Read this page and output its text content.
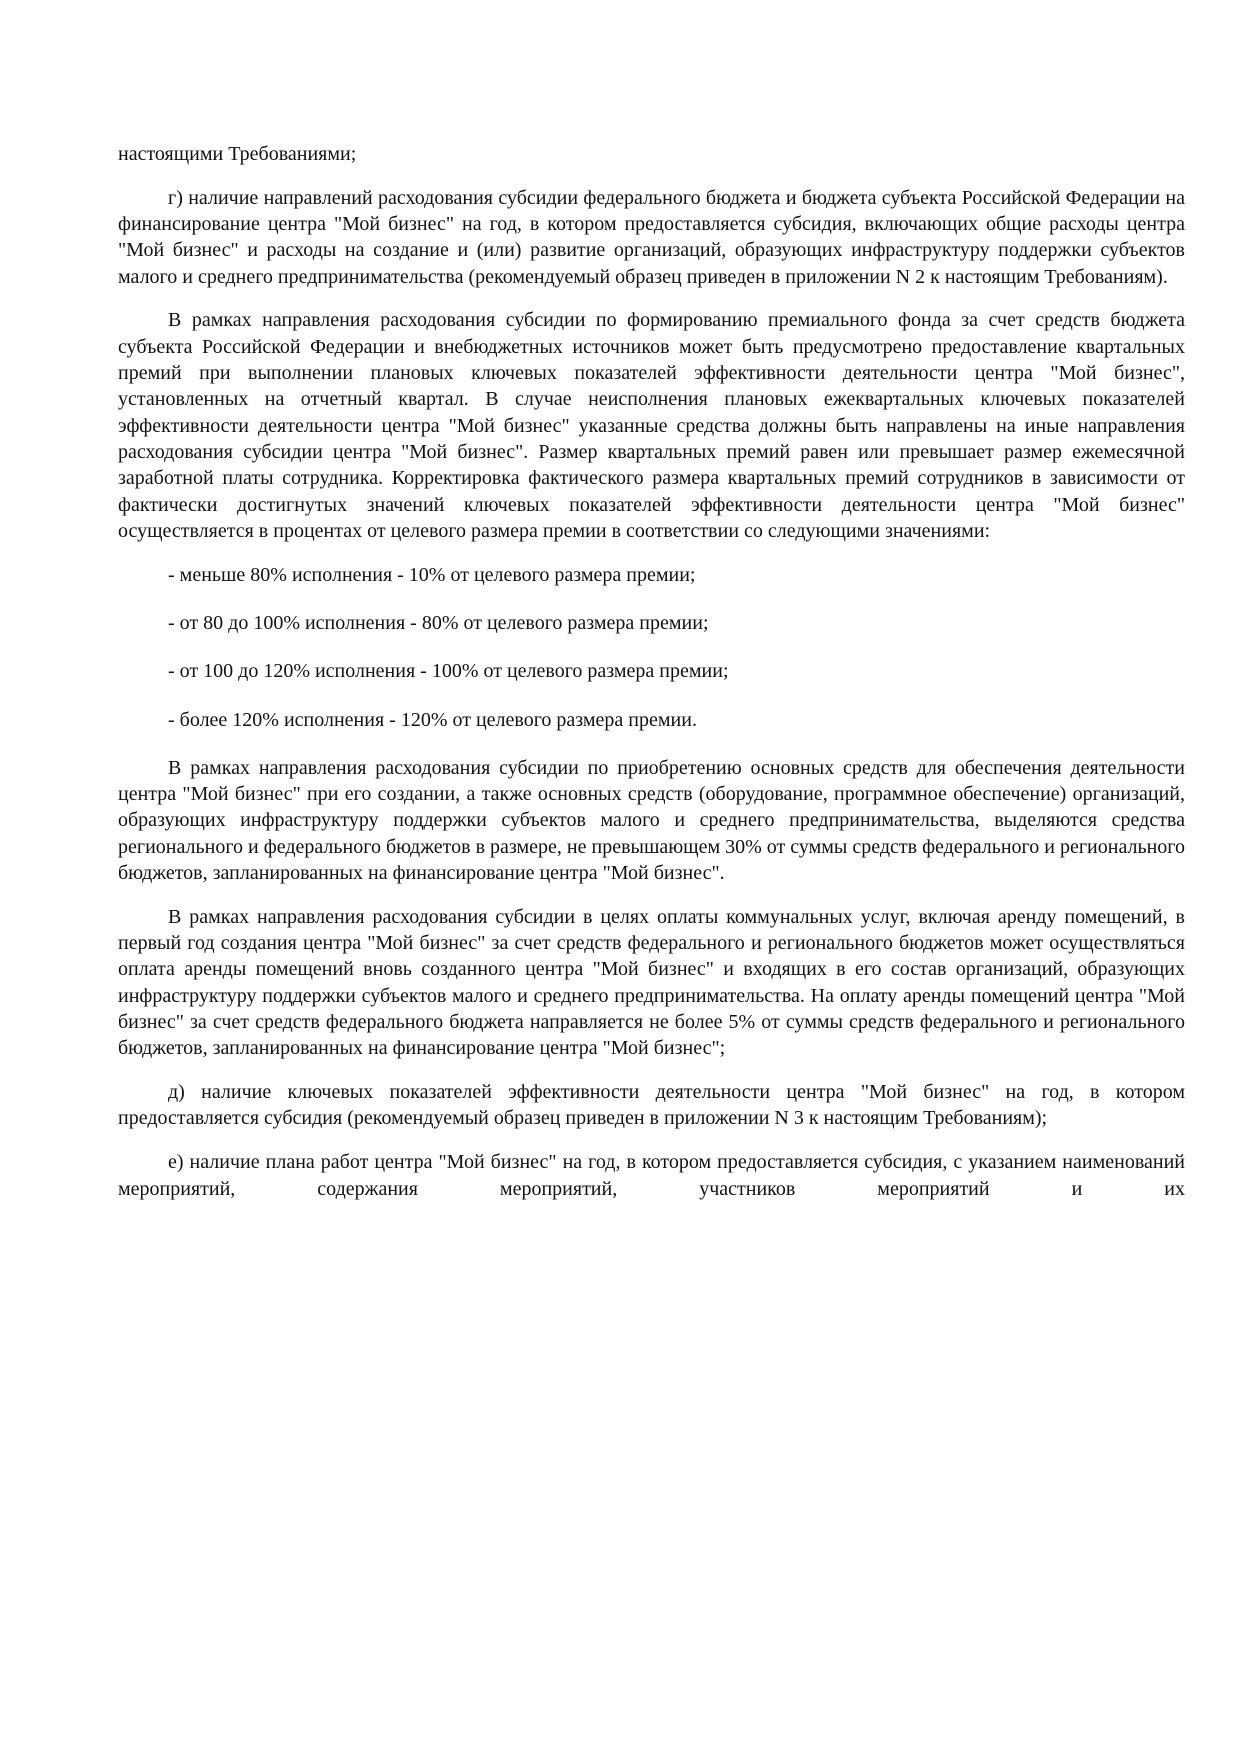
настоящими Требованиями;

г) наличие направлений расходования субсидии федерального бюджета и бюджета субъекта Российской Федерации на финансирование центра "Мой бизнес" на год, в котором предоставляется субсидия, включающих общие расходы центра "Мой бизнес" и расходы на создание и (или) развитие организаций, образующих инфраструктуру поддержки субъектов малого и среднего предпринимательства (рекомендуемый образец приведен в приложении N 2 к настоящим Требованиям).

В рамках направления расходования субсидии по формированию премиального фонда за счет средств бюджета субъекта Российской Федерации и внебюджетных источников может быть предусмотрено предоставление квартальных премий при выполнении плановых ключевых показателей эффективности деятельности центра "Мой бизнес", установленных на отчетный квартал. В случае неисполнения плановых ежеквартальных ключевых показателей эффективности деятельности центра "Мой бизнес" указанные средства должны быть направлены на иные направления расходования субсидии центра "Мой бизнес". Размер квартальных премий равен или превышает размер ежемесячной заработной платы сотрудника. Корректировка фактического размера квартальных премий сотрудников в зависимости от фактически достигнутых значений ключевых показателей эффективности деятельности центра "Мой бизнес" осуществляется в процентах от целевого размера премии в соответствии со следующими значениями:

- меньше 80% исполнения - 10% от целевого размера премии;

- от 80 до 100% исполнения - 80% от целевого размера премии;

- от 100 до 120% исполнения - 100% от целевого размера премии;

- более 120% исполнения - 120% от целевого размера премии.

В рамках направления расходования субсидии по приобретению основных средств для обеспечения деятельности центра "Мой бизнес" при его создании, а также основных средств (оборудование, программное обеспечение) организаций, образующих инфраструктуру поддержки субъектов малого и среднего предпринимательства, выделяются средства регионального и федерального бюджетов в размере, не превышающем 30% от суммы средств федерального и регионального бюджетов, запланированных на финансирование центра "Мой бизнес".

В рамках направления расходования субсидии в целях оплаты коммунальных услуг, включая аренду помещений, в первый год создания центра "Мой бизнес" за счет средств федерального и регионального бюджетов может осуществляться оплата аренды помещений вновь созданного центра "Мой бизнес" и входящих в его состав организаций, образующих инфраструктуру поддержки субъектов малого и среднего предпринимательства. На оплату аренды помещений центра "Мой бизнес" за счет средств федерального бюджета направляется не более 5% от суммы средств федерального и регионального бюджетов, запланированных на финансирование центра "Мой бизнес";

д) наличие ключевых показателей эффективности деятельности центра "Мой бизнес" на год, в котором предоставляется субсидия (рекомендуемый образец приведен в приложении N 3 к настоящим Требованиям);

е) наличие плана работ центра "Мой бизнес" на год, в котором предоставляется субсидия, с указанием наименований мероприятий, содержания мероприятий, участников мероприятий и их
